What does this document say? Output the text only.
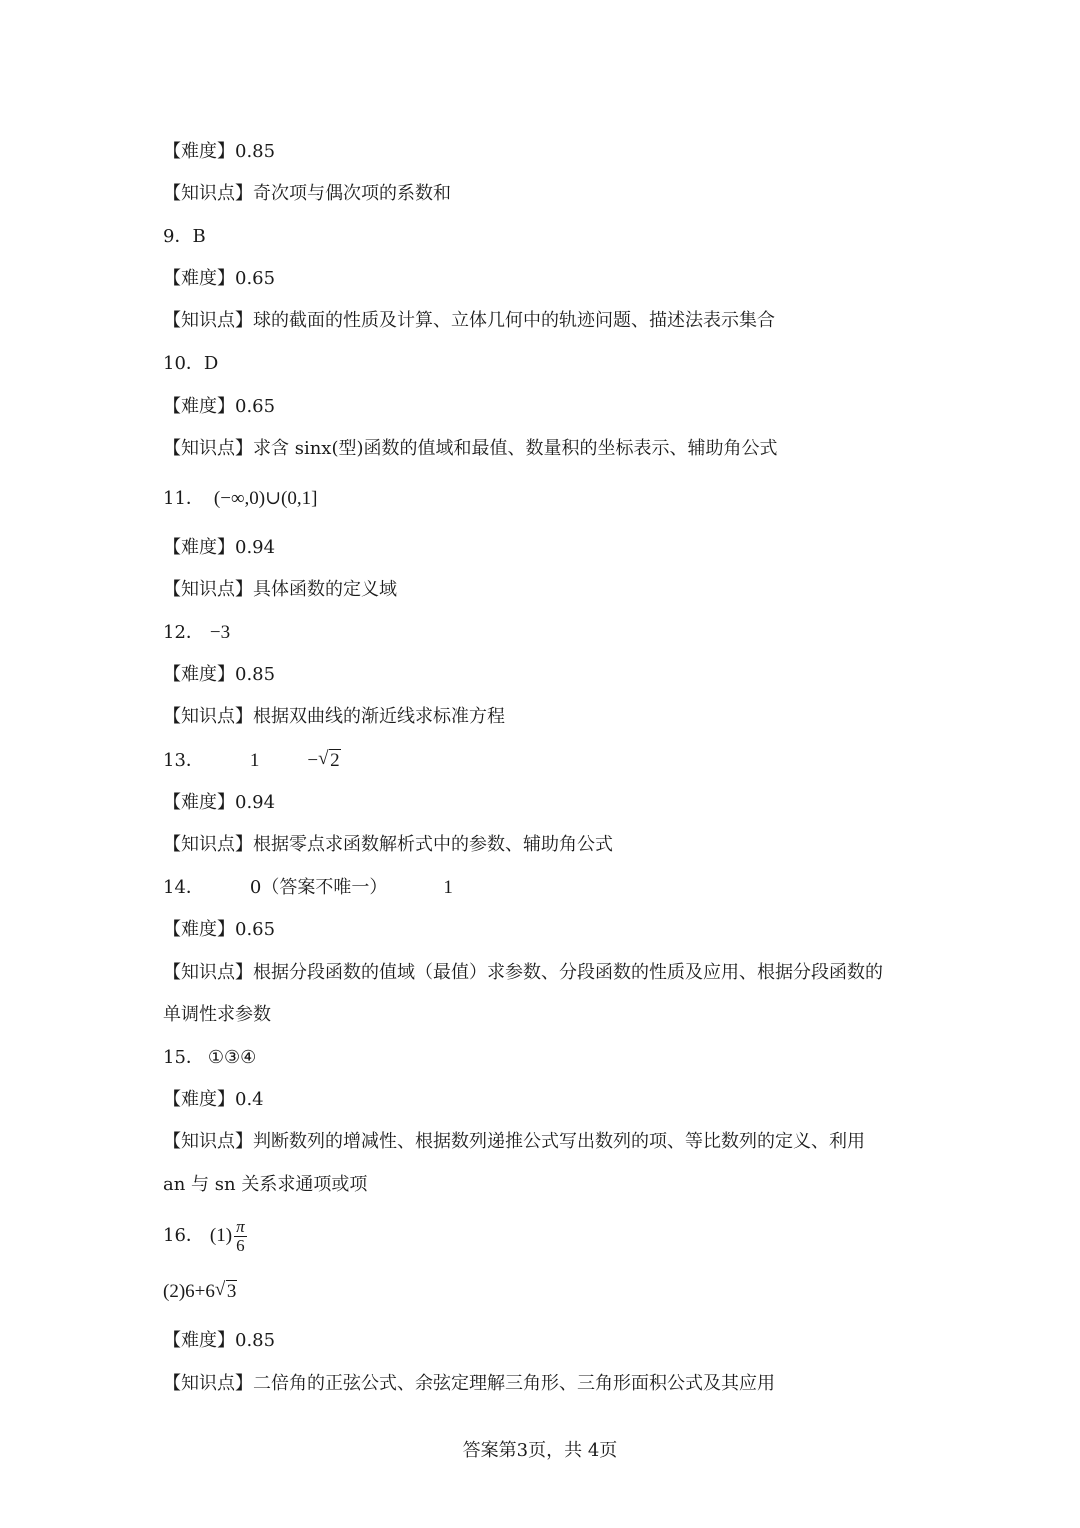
【难度】0.85
【知识点】奇次项与偶次项的系数和
9．B
【难度】0.65
【知识点】球的截面的性质及计算、立体几何中的轨迹问题、描述法表示集合
10．D
【难度】0.65
【知识点】求含 sinx(型)函数的值域和最值、数量积的坐标表示、辅助角公式
11． (−∞,0)∪(0,1]
【难度】0.94
【知识点】具体函数的定义域
12． −3
【难度】0.85
【知识点】根据双曲线的渐近线求标准方程
13． 1	− √ 2
【难度】0.94
【知识点】根据零点求函数解析式中的参数、辅助角公式
14．	0（答案不唯一）	1
【难度】0.65
【知识点】根据分段函数的值域（最值）求参数、分段函数的性质及应用、根据分段函数的
单调性求参数
15． ①③④
【难度】0.4
【知识点】判断数列的增减性、根据数列递推公式写出数列的项、等比数列的定义、利用
an 与 sn 关系求通项或项
16． $(1) \frac{\pi}{6}$
(2)6+6 √ 3
【难度】0.85
【知识点】二倍角的正弦公式、余弦定理解三角形、三角形面积公式及其应用
答案第3页，共 4页
